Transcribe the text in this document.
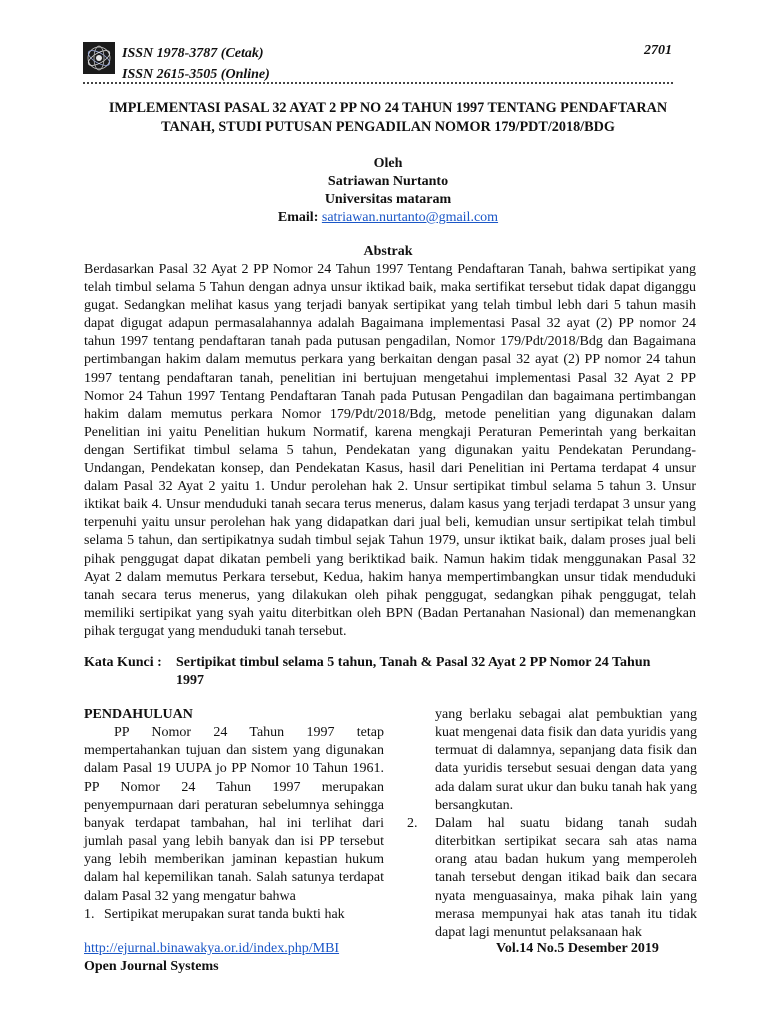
ISSN 1978-3787 (Cetak)
ISSN 2615-3505 (Online)
2701
IMPLEMENTASI PASAL 32 AYAT 2 PP NO 24 TAHUN 1997 TENTANG PENDAFTARAN
TANAH, STUDI PUTUSAN PENGADILAN NOMOR 179/PDT/2018/BDG
Oleh
Satriawan Nurtanto
Universitas mataram
Email: satriawan.nurtanto@gmail.com
Abstrak
Berdasarkan Pasal 32 Ayat 2 PP Nomor 24 Tahun 1997 Tentang Pendaftaran Tanah, bahwa sertipikat yang telah timbul selama 5 Tahun dengan adnya unsur iktikad baik, maka sertifikat tersebut tidak dapat diganggu gugat. Sedangkan melihat kasus yang terjadi banyak sertipikat yang telah timbul lebh dari 5 tahun masih dapat digugat adapun permasalahannya adalah Bagaimana implementasi Pasal 32 ayat (2) PP nomor 24 tahun 1997 tentang pendaftaran tanah pada putusan pengadilan, Nomor 179/Pdt/2018/Bdg dan Bagaimana pertimbangan hakim dalam memutus perkara yang berkaitan dengan pasal 32 ayat (2) PP nomor 24 tahun 1997 tentang pendaftaran tanah, penelitian ini bertujuan mengetahui implementasi Pasal 32 Ayat 2 PP Nomor 24 Tahun 1997 Tentang Pendaftaran Tanah pada Putusan Pengadilan dan bagaimana pertimbangan hakim dalam memutus perkara Nomor 179/Pdt/2018/Bdg, metode penelitian yang digunakan dalam Penelitian ini yaitu Penelitian hukum Normatif, karena mengkaji Peraturan Pemerintah yang berkaitan dengan Sertifikat timbul selama 5 tahun, Pendekatan yang digunakan yaitu Pendekatan Perundang-Undangan, Pendekatan konsep, dan Pendekatan Kasus, hasil dari Penelitian ini Pertama terdapat 4 unsur dalam Pasal 32 Ayat 2 yaitu 1. Undur perolehan hak 2. Unsur sertipikat timbul selama 5 tahun 3. Unsur iktikat baik 4. Unsur menduduki tanah secara terus menerus, dalam kasus yang terjadi terdapat 3 unsur yang terpenuhi yaitu unsur perolehan hak yang didapatkan dari jual beli, kemudian unsur sertipikat telah timbul selama 5 tahun, dan sertipikatnya sudah timbul sejak Tahun 1979, unsur iktikat baik, dalam proses jual beli pihak penggugat dapat dikatan pembeli yang beriktikad baik. Namun hakim tidak menggunakan Pasal 32 Ayat 2 dalam memutus Perkara tersebut, Kedua, hakim hanya mempertimbangkan unsur tidak menduduki tanah secara terus menerus, yang dilakukan oleh pihak penggugat, sedangkan pihak penggugat, telah memiliki sertipikat yang syah yaitu diterbitkan oleh BPN (Badan Pertanahan Nasional) dan memenangkan pihak tergugat yang menduduki tanah tersebut.
Kata Kunci : Sertipikat timbul selama 5 tahun, Tanah & Pasal 32 Ayat 2 PP Nomor 24 Tahun
1997
PENDAHULUAN
PP Nomor 24 Tahun 1997 tetap mempertahankan tujuan dan sistem yang digunakan dalam Pasal 19 UUPA jo PP Nomor 10 Tahun 1961. PP Nomor 24 Tahun 1997 merupakan penyempurnaan dari peraturan sebelumnya sehingga banyak terdapat tambahan, hal ini terlihat dari jumlah pasal yang lebih banyak dan isi PP tersebut yang lebih memberikan jaminan kepastian hukum dalam hal kepemilikan tanah. Salah satunya terdapat dalam Pasal 32 yang mengatur bahwa
1. Sertipikat merupakan surat tanda bukti hak
yang berlaku sebagai alat pembuktian yang kuat mengenai data fisik dan data yuridis yang termuat di dalamnya, sepanjang data fisik dan data yuridis tersebut sesuai dengan data yang ada dalam surat ukur dan buku tanah hak yang bersangkutan.
2.	Dalam hal suatu bidang tanah sudah diterbitkan sertipikat secara sah atas nama orang atau badan hukum yang memperoleh tanah tersebut dengan itikad baik dan secara nyata menguasainya, maka pihak lain yang merasa mempunyai hak atas tanah itu tidak dapat lagi menuntut pelaksanaan hak
http://ejurnal.binawakya.or.id/index.php/MBI	Vol.14 No.5 Desember 2019
Open Journal Systems
